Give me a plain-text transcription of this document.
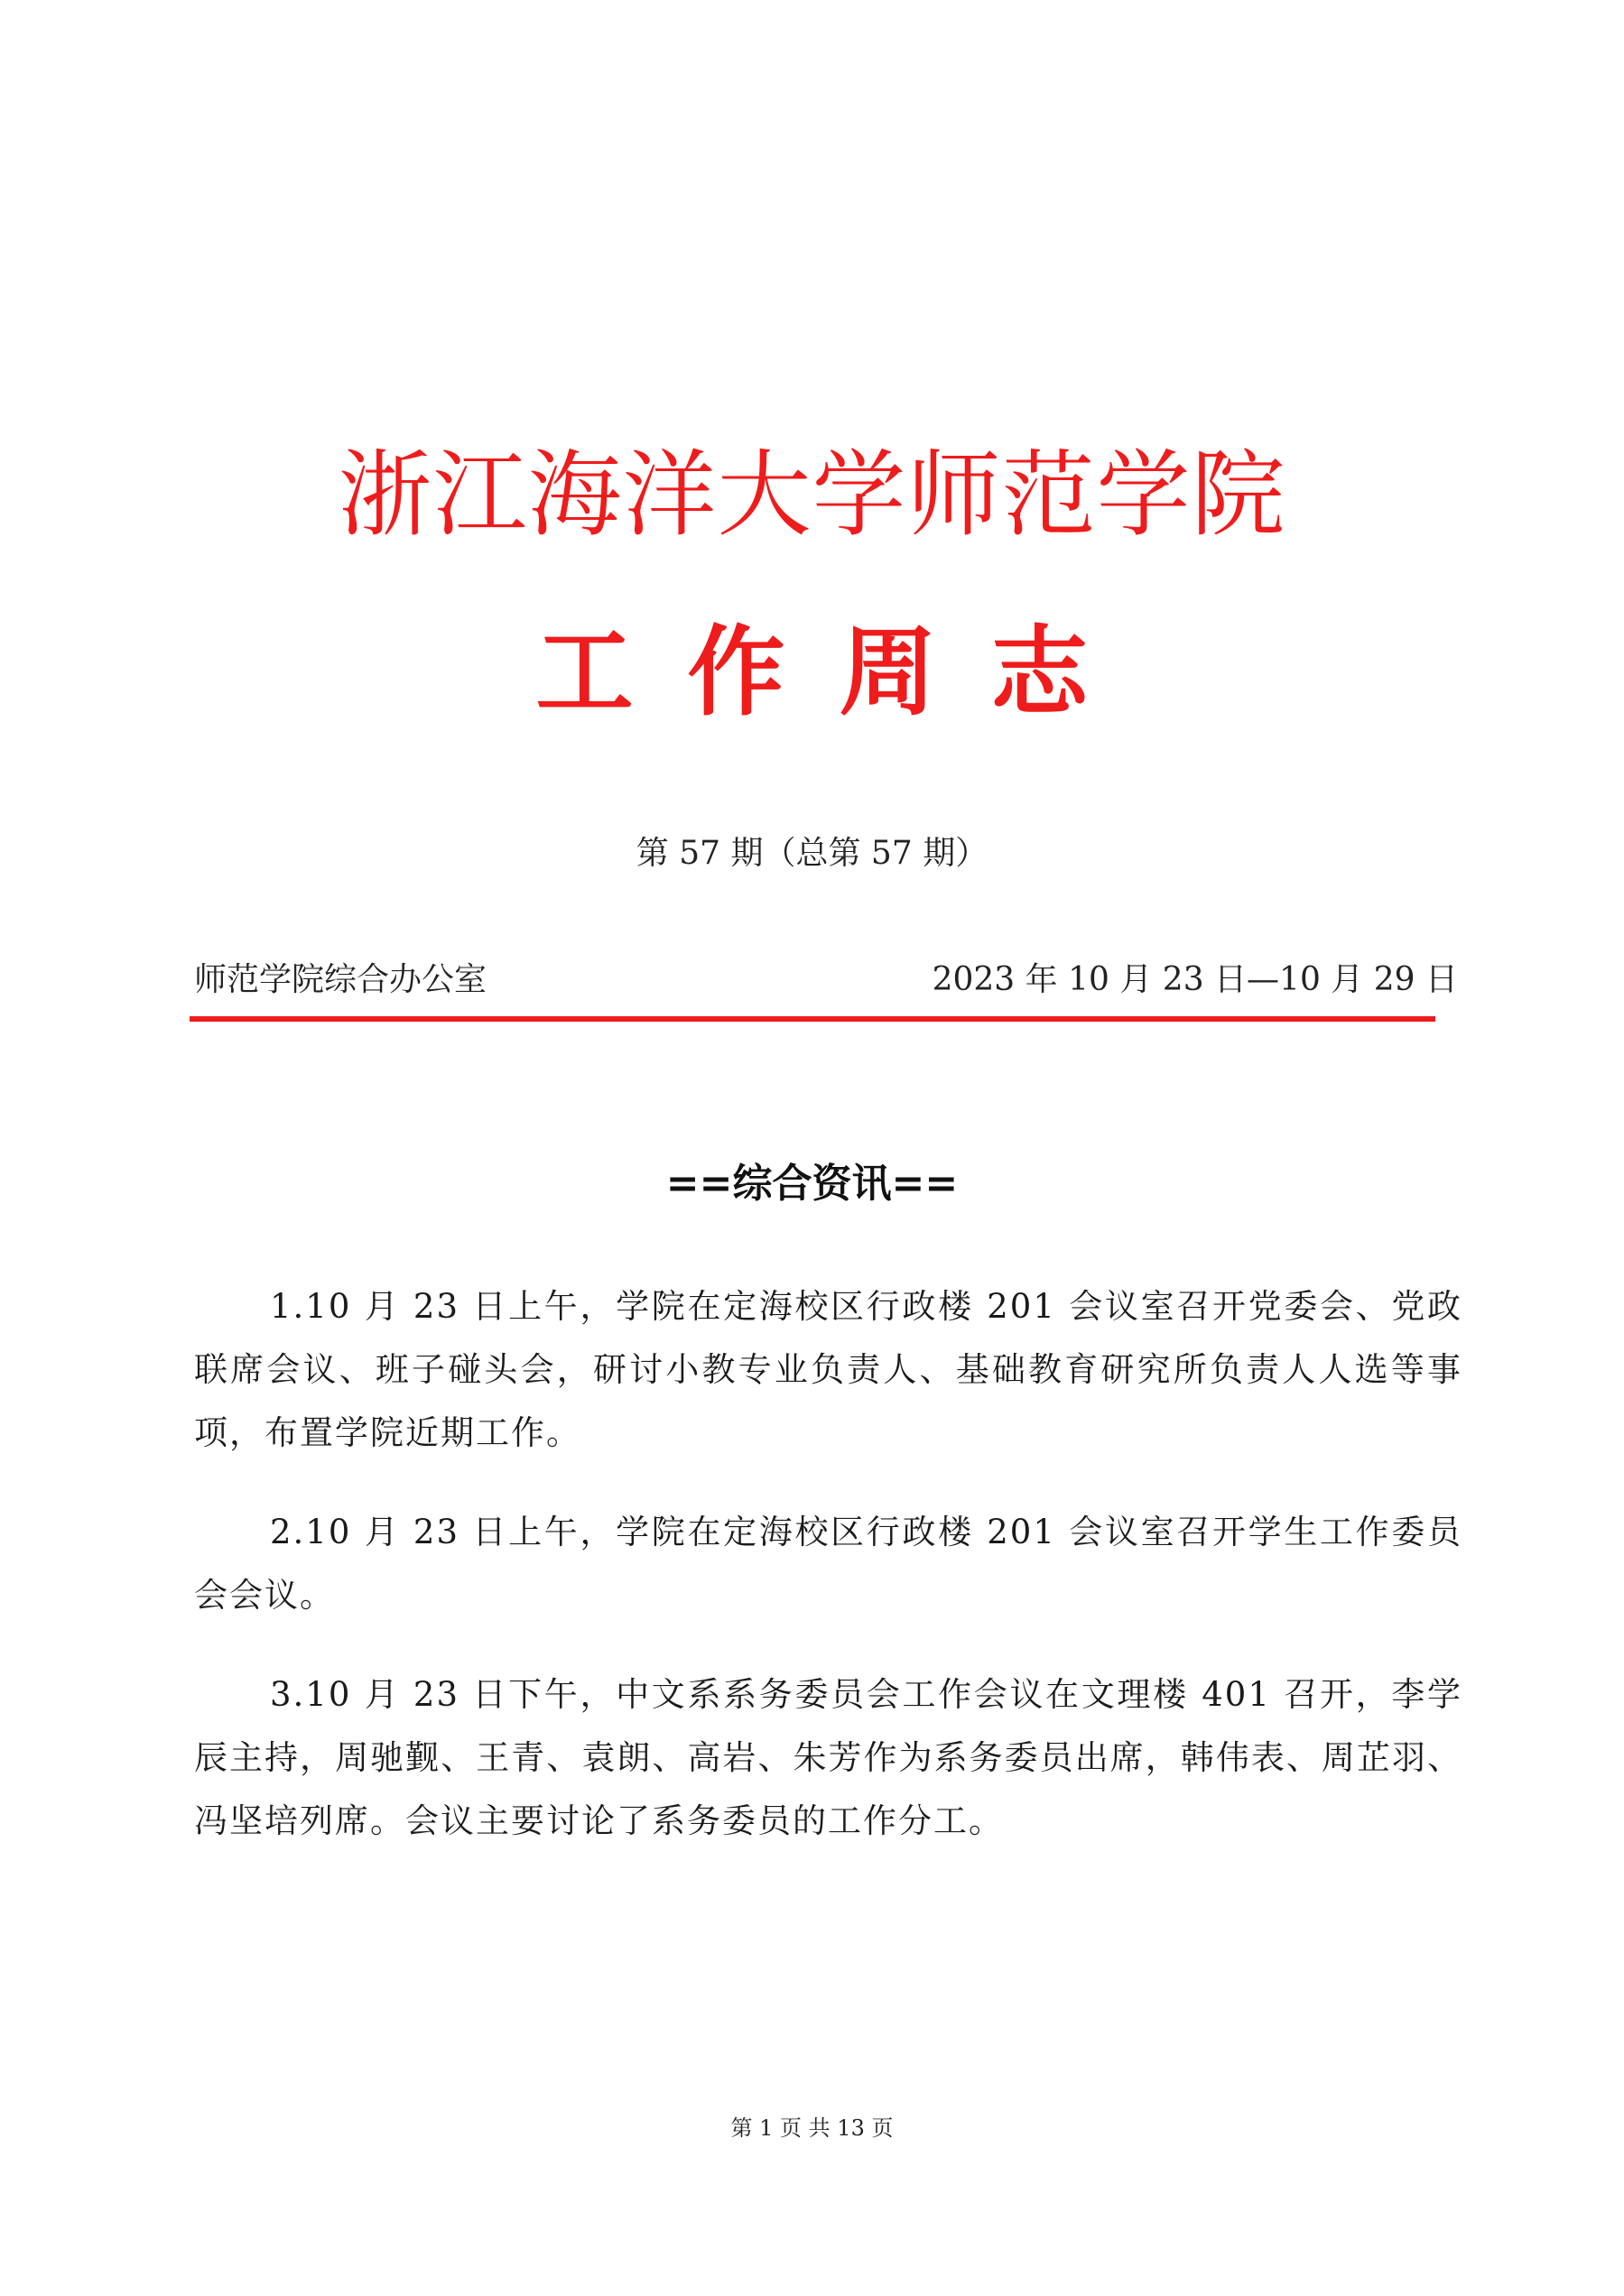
浙江海洋大学师范学院
工作周志
第 57 期（总第 57 期）
师范学院综合办公室	2023 年 10 月 23 日—10 月 29 日
==综合资讯==

1.10 月 23 日上午，学院在定海校区行政楼 201 会议室召开党委会、党政联席会议、班子碰头会，研讨小教专业负责人、基础教育研究所负责人人选等事项，布置学院近期工作。

2.10 月 23 日上午，学院在定海校区行政楼 201 会议室召开学生工作委员会会议。

3.10 月 23 日下午，中文系系务委员会工作会议在文理楼 401 召开，李学辰主持，周驰觐、王青、袁朗、高岩、朱芳作为系务委员出席，韩伟表、周芷羽、冯坚培列席。会议主要讨论了系务委员的工作分工。

第 1 页 共 13 页
